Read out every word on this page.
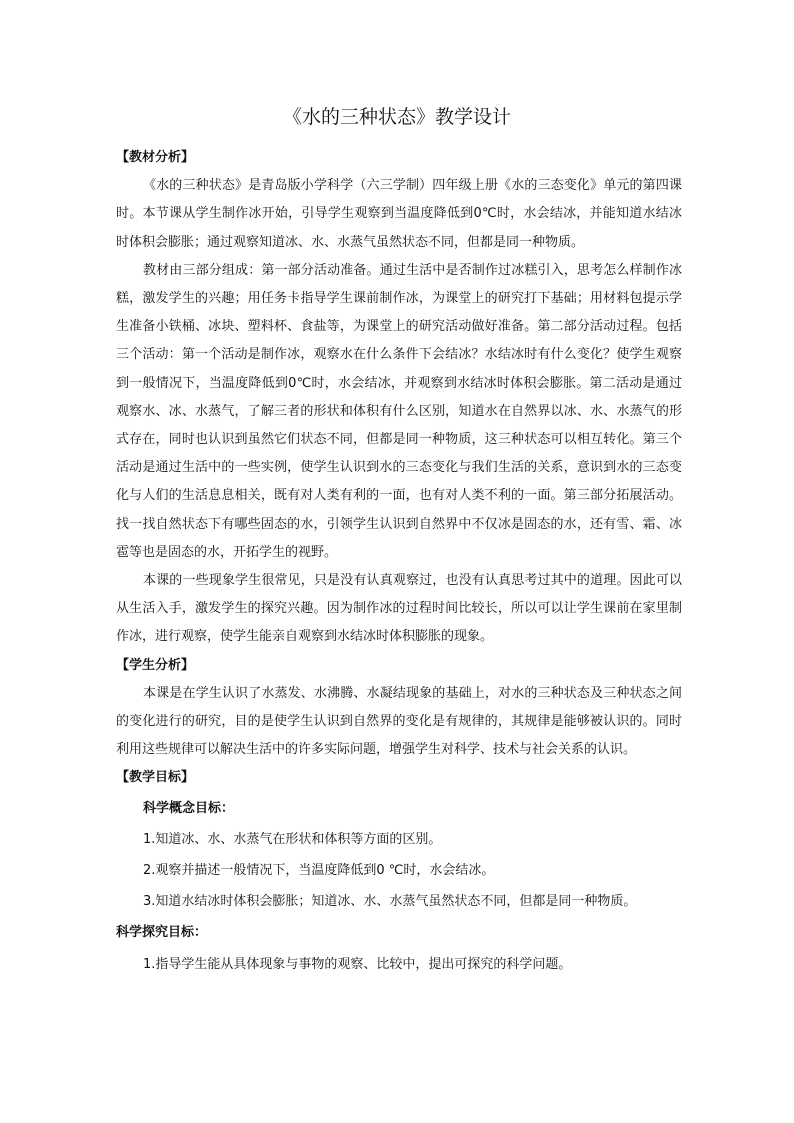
《水的三种状态》教学设计
【教材分析】

《水的三种状态》是青岛版小学科学（六三学制）四年级上册《水的三态变化》单元的第四课时。本节课从学生制作冰开始，引导学生观察到当温度降低到0℃时，水会结冰，并能知道水结冰时体积会膨胀；通过观察知道冰、水、水蒸气虽然状态不同，但都是同一种物质。

教材由三部分组成：第一部分活动准备。通过生活中是否制作过冰糕引入，思考怎么样制作冰糕，激发学生的兴趣；用任务卡指导学生课前制作冰，为课堂上的研究打下基础；用材料包提示学生准备小铁桶、冰块、塑料杯、食盐等，为课堂上的研究活动做好准备。第二部分活动过程。包括三个活动：第一个活动是制作冰，观察水在什么条件下会结冰？水结冰时有什么变化？使学生观察到一般情况下，当温度降低到0℃时，水会结冰，并观察到水结冰时体积会膨胀。第二活动是通过观察水、冰、水蒸气，了解三者的形状和体积有什么区别，知道水在自然界以冰、水、水蒸气的形式存在，同时也认识到虽然它们状态不同，但都是同一种物质，这三种状态可以相互转化。第三个活动是通过生活中的一些实例，使学生认识到水的三态变化与我们生活的关系，意识到水的三态变化与人们的生活息息相关，既有对人类有利的一面，也有对人类不利的一面。第三部分拓展活动。找一找自然状态下有哪些固态的水，引领学生认识到自然界中不仅冰是固态的水，还有雪、霜、冰雹等也是固态的水，开拓学生的视野。

本课的一些现象学生很常见，只是没有认真观察过，也没有认真思考过其中的道理。因此可以从生活入手，激发学生的探究兴趣。因为制作冰的过程时间比较长，所以可以让学生课前在家里制作冰，进行观察，使学生能亲自观察到水结冰时体积膨胀的现象。

【学生分析】

本课是在学生认识了水蒸发、水沸腾、水凝结现象的基础上，对水的三种状态及三种状态之间的变化进行的研究，目的是使学生认识到自然界的变化是有规律的，其规律是能够被认识的。同时利用这些规律可以解决生活中的许多实际问题，增强学生对科学、技术与社会关系的认识。

【教学目标】
科学概念目标：
1.知道冰、水、水蒸气在形状和体积等方面的区别。
2.观察并描述一般情况下，当温度降低到0 ℃时，水会结冰。
3.知道水结冰时体积会膨胀；知道冰、水、水蒸气虽然状态不同，但都是同一种物质。
科学探究目标：
1.指导学生能从具体现象与事物的观察、比较中，提出可探究的科学问题。
